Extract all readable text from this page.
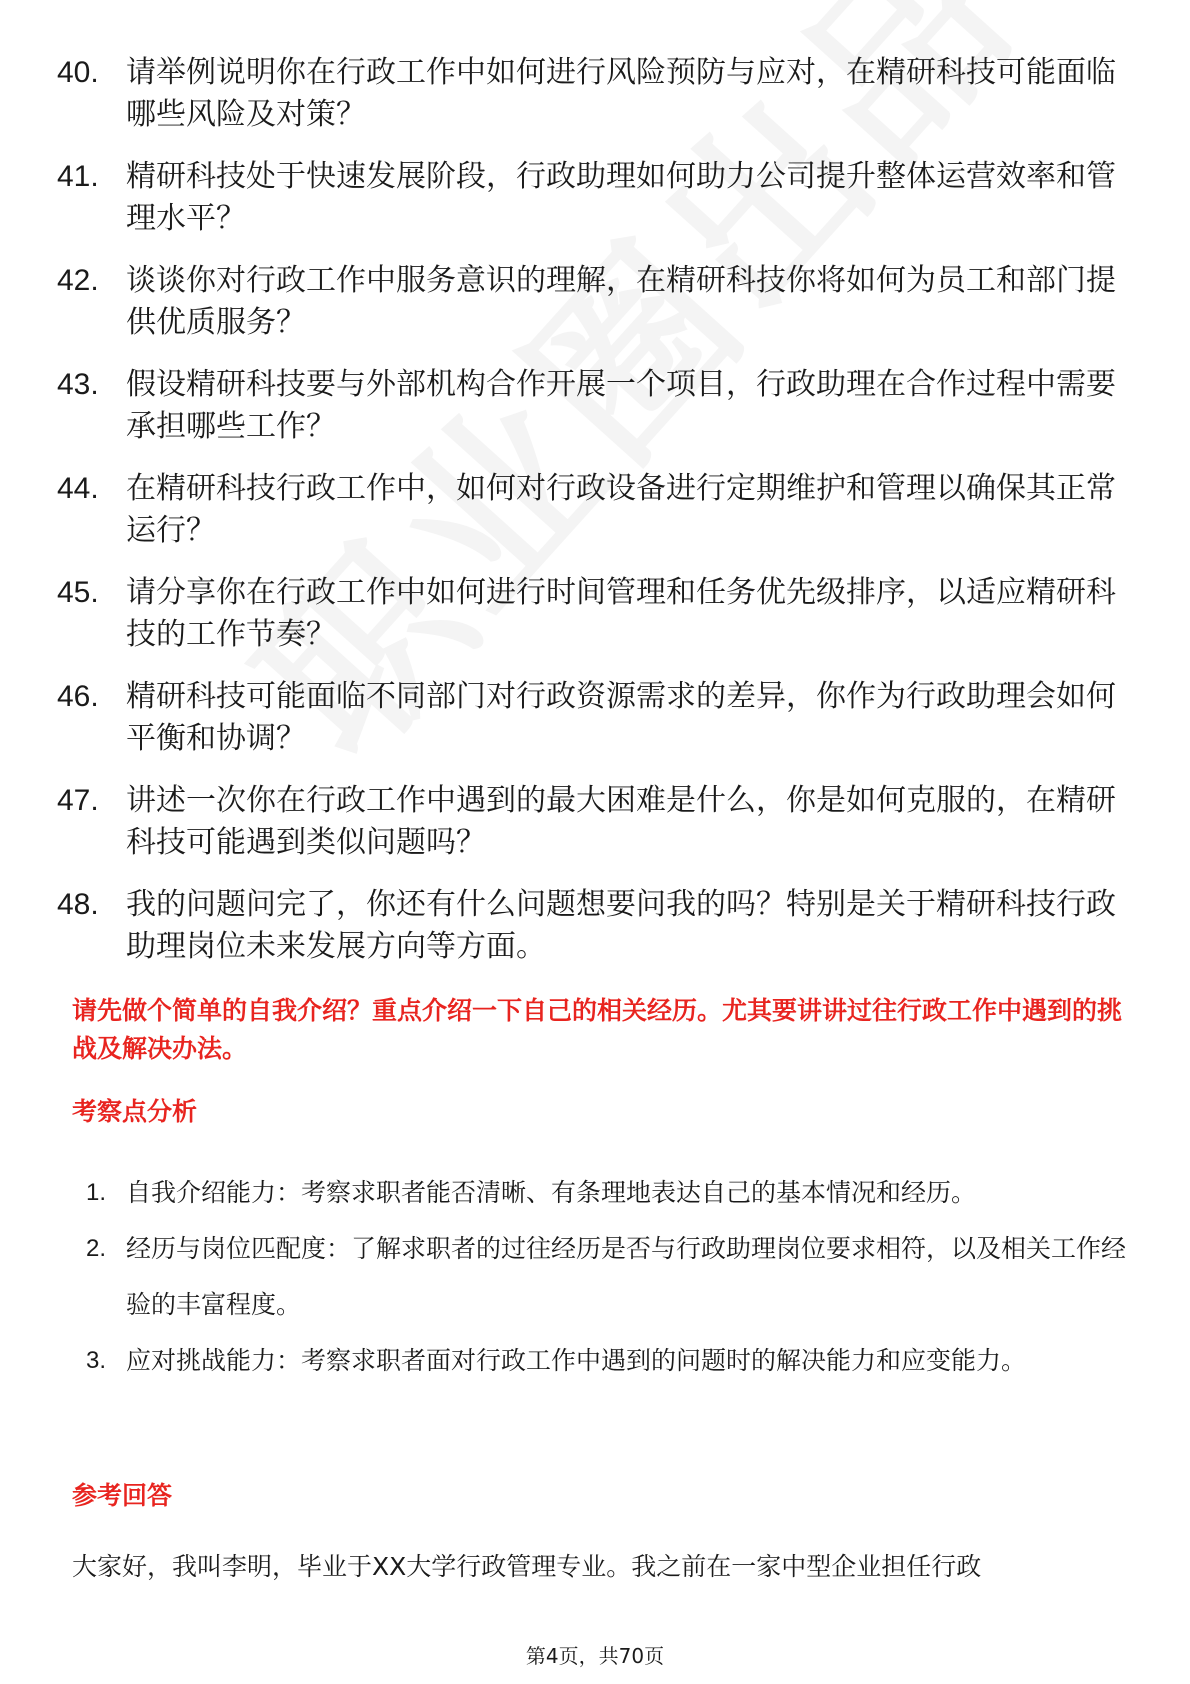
40. 请举例说明你在行政工作中如何进行风险预防与应对，在精研科技可能面临哪些风险及对策？
41. 精研科技处于快速发展阶段，行政助理如何助力公司提升整体运营效率和管理水平？
42. 谈谈你对行政工作中服务意识的理解，在精研科技你将如何为员工和部门提供优质服务？
43. 假设精研科技要与外部机构合作开展一个项目，行政助理在合作过程中需要承担哪些工作？
44. 在精研科技行政工作中，如何对行政设备进行定期维护和管理以确保其正常运行？
45. 请分享你在行政工作中如何进行时间管理和任务优先级排序，以适应精研科技的工作节奏？
46. 精研科技可能面临不同部门对行政资源需求的差异，你作为行政助理会如何平衡和协调？
47. 讲述一次你在行政工作中遇到的最大困难是什么，你是如何克服的，在精研科技可能遇到类似问题吗？
48. 我的问题问完了，你还有什么问题想要问我的吗？特别是关于精研科技行政助理岗位未来发展方向等方面。
请先做个简单的自我介绍？重点介绍一下自己的相关经历。尤其要讲讲过往行政工作中遇到的挑战及解决办法。
考察点分析
1. 自我介绍能力：考察求职者能否清晰、有条理地表达自己的基本情况和经历。
2. 经历与岗位匹配度：了解求职者的过往经历是否与行政助理岗位要求相符，以及相关工作经验的丰富程度。
3. 应对挑战能力：考察求职者面对行政工作中遇到的问题时的解决能力和应变能力。
参考回答
大家好，我叫李明，毕业于XX大学行政管理专业。我之前在一家中型企业担任行政
第4页，共70页
